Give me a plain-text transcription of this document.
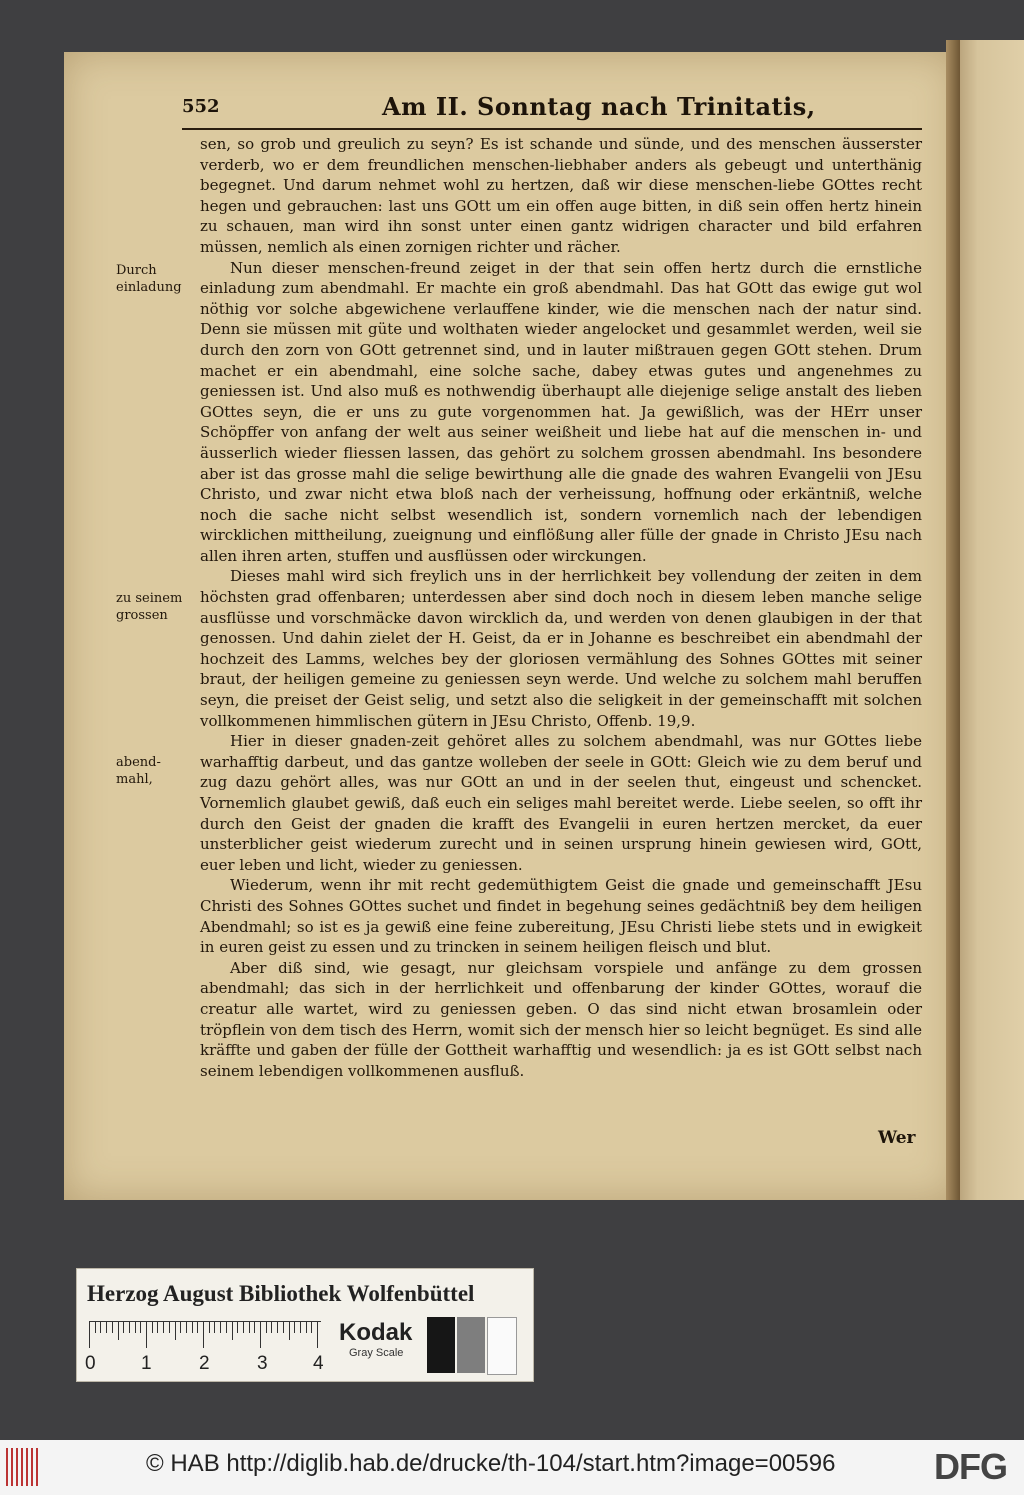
552	Am II. Sonntag nach Trinitatis,
Durch einladung
zu seinem grossen
abend-mahl,

sen, so grob und greulich zu seyn? Es ist schande und sünde, und des menschen äusserster verderb, wo er dem freundlichen menschen-liebhaber anders als gebeugt und unterthänig begegnet. Und darum nehmet wohl zu hertzen, daß wir diese menschen-liebe GOttes recht hegen und gebrauchen: last uns GOtt um ein offen auge bitten, in diß sein offen hertz hinein zu schauen, man wird ihn sonst unter einen gantz widrigen character und bild erfahren müssen, nemlich als einen zornigen richter und rächer.

Nun dieser menschen-freund zeiget in der that sein offen hertz durch die ernstliche einladung zum abendmahl. Er machte ein groß abendmahl. Das hat GOtt das ewige gut wol nöthig vor solche abgewichene verlauffene kinder, wie die menschen nach der natur sind. Denn sie müssen mit güte und wolthaten wieder angelocket und gesammlet werden, weil sie durch den zorn von GOtt getrennet sind, und in lauter mißtrauen gegen GOtt stehen. Drum machet er ein abendmahl, eine solche sache, dabey etwas gutes und angenehmes zu geniessen ist. Und also muß es nothwendig überhaupt alle diejenige selige anstalt des lieben GOttes seyn, die er uns zu gute vorgenommen hat. Ja gewißlich, was der HErr unser Schöpffer von anfang der welt aus seiner weißheit und liebe hat auf die menschen in- und äusserlich wieder fliessen lassen, das gehört zu solchem grossen abendmahl. Ins besondere aber ist das grosse mahl die selige bewirthung alle die gnade des wahren Evangelii von JEsu Christo, und zwar nicht etwa bloß nach der verheissung, hoffnung oder erkäntniß, welche noch die sache nicht selbst wesendlich ist, sondern vornemlich nach der lebendigen wircklichen mittheilung, zueignung und einflößung aller fülle der gnade in Christo JEsu nach allen ihren arten, stuffen und ausflüssen oder wirckungen.

Dieses mahl wird sich freylich uns in der herrlichkeit bey vollendung der zeiten in dem höchsten grad offenbaren; unterdessen aber sind doch noch in diesem leben manche selige ausflüsse und vorschmäcke davon wircklich da, und werden von denen glaubigen in der that genossen. Und dahin zielet der H. Geist, da er in Johanne es beschreibet ein abendmahl der hochzeit des Lamms, welches bey der gloriosen vermählung des Sohnes GOttes mit seiner braut, der heiligen gemeine zu geniessen seyn werde. Und welche zu solchem mahl beruffen seyn, die preiset der Geist selig, und setzt also die seligkeit in der gemeinschafft mit solchen vollkommenen himmlischen gütern in JEsu Christo, Offenb. 19,9.

Hier in dieser gnaden-zeit gehöret alles zu solchem abendmahl, was nur GOttes liebe warhafftig darbeut, und das gantze wolleben der seele in GOtt: Gleich wie zu dem beruf und zug dazu gehört alles, was nur GOtt an und in der seelen thut, eingeust und schencket. Vornemlich glaubet gewiß, daß euch ein seliges mahl bereitet werde. Liebe seelen, so offt ihr durch den Geist der gnaden die krafft des Evangelii in euren hertzen mercket, da euer unsterblicher geist wiederum zurecht und in seinen ursprung hinein gewiesen wird, GOtt, euer leben und licht, wieder zu geniessen.

Wiederum, wenn ihr mit recht gedemüthigtem Geist die gnade und gemeinschafft JEsu Christi des Sohnes GOttes suchet und findet in begehung seines gedächtniß bey dem heiligen Abendmahl; so ist es ja gewiß eine feine zubereitung, JEsu Christi liebe stets und in ewigkeit in euren geist zu essen und zu trincken in seinem heiligen fleisch und blut.

Aber diß sind, wie gesagt, nur gleichsam vorspiele und anfänge zu dem grossen abendmahl; das sich in der herrlichkeit und offenbarung der kinder GOttes, worauf die creatur alle wartet, wird zu geniessen geben. O das sind nicht etwan brosamlein oder tröpflein von dem tisch des Herrn, womit sich der mensch hier so leicht begnüget. Es sind alle kräffte und gaben der fülle der Gottheit warhafftig und wesendlich: ja es ist GOtt selbst nach seinem lebendigen vollkommenen ausfluß.

Wer
Herzog August Bibliothek Wolfenbüttel
0 1 2 3 4
Kodak
Gray Scale
© HAB http://diglib.hab.de/drucke/th-104/start.htm?image=00596	DFG
